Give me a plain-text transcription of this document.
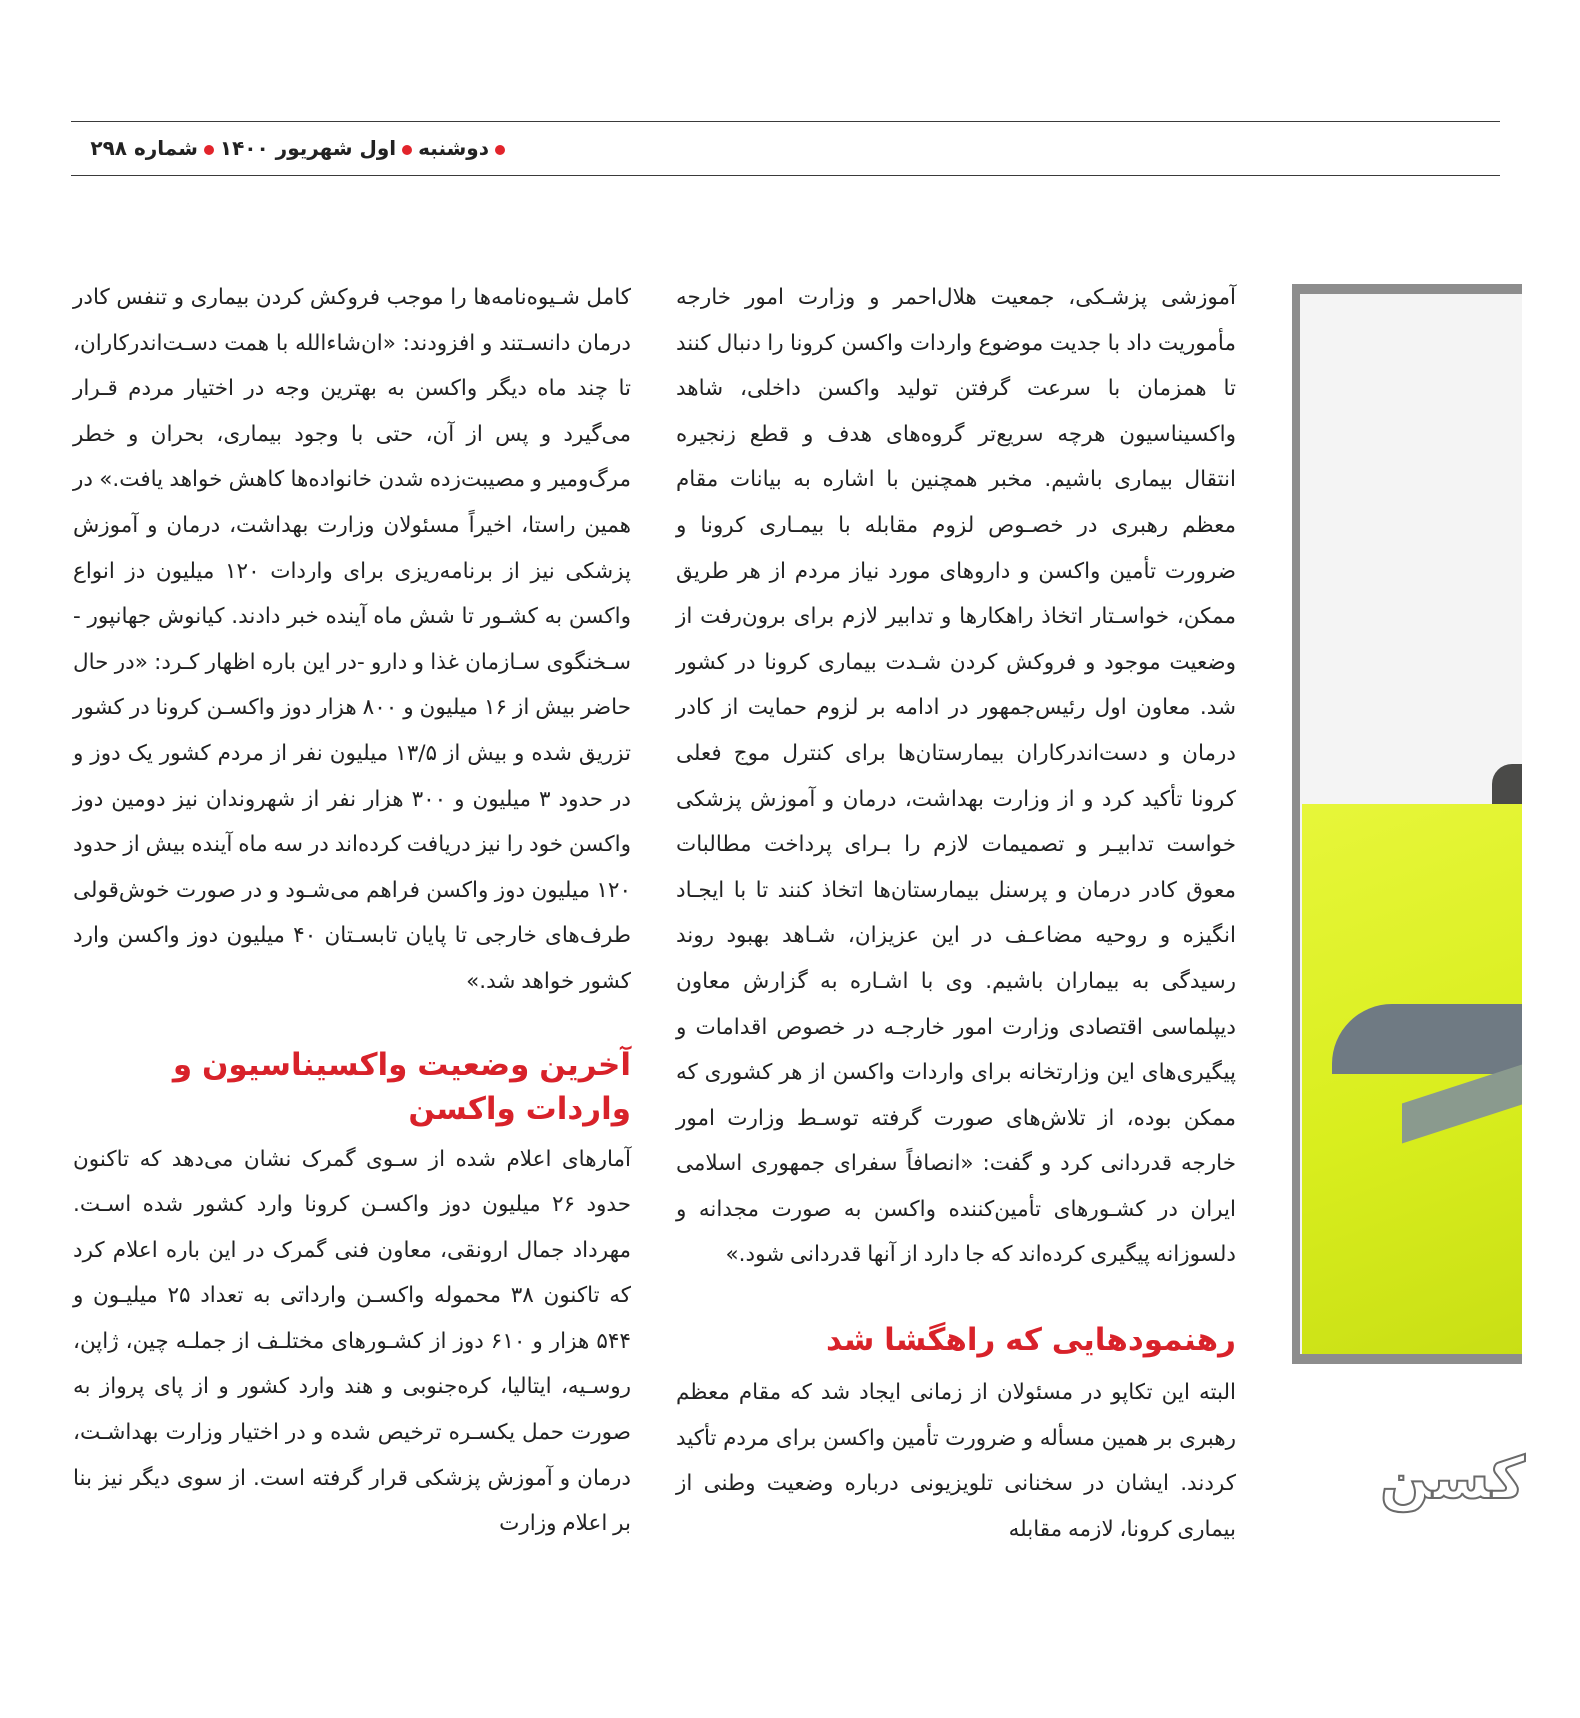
دوشنبهاول شهریور ۱۴۰۰شماره ۲۹۸

آموزشی پزشـکی، جمعیت هلال‌احمر و وزارت امور خارجه مأموریت داد با جدیت موضوع واردات واکسن کرونا را دنبال کنند تا همزمان با سرعت گرفتن تولید واکسن داخلی، شاهد واکسیناسیون هرچه سریع‌تر گروه‌های هدف و قطع زنجیره انتقال بیماری باشیم. مخبر همچنین با اشاره به بیانات مقام معظم رهبری در خصـوص لزوم مقابله با بیمـاری کرونا و ضرورت تأمین واکسن و داروهای مورد نیاز مردم از هر طریق ممکن، خواسـتار اتخاذ راهکارها و تدابیر لازم برای برون‌رفت از وضعیت موجود و فروکش کردن شـدت بیماری کرونا در کشور شد. معاون اول رئیس‌جمهور در ادامه بر لزوم حمایت از کادر درمان و دست‌اندرکاران بیمارستان‌ها برای کنترل موج فعلی کرونا تأکید کرد و از وزارت بهداشت، درمان و آموزش پزشکی خواست تدابیـر و تصمیمات لازم را بـرای پرداخت مطالبات معوق کادر درمان و پرسنل بیمارستان‌ها اتخاذ کنند تا با ایجـاد انگیزه و روحیه مضاعـف در این عزیزان، شـاهد بهبود روند رسیدگی به بیماران باشیم. وی با اشـاره به گزارش معاون دیپلماسی اقتصادی وزارت امور خارجـه در خصوص اقدامات و پیگیری‌های این وزارتخانه برای واردات واکسن از هر کشوری که ممکن بوده، از تلاش‌های صورت گرفته توسـط وزارت امور خارجه قدردانی کرد و گفت: «انصافاً سفرای جمهوری اسلامی ایران در کشـورهای تأمین‌کننده واکسن به صورت مجدانه و دلسوزانه پیگیری کرده‌اند که جا دارد از آنها قدردانی شود.»

رهنمودهایی که راهگشا شد

البته این تکاپو در مسئولان از زمانی ایجاد شد که مقام معظم رهبری بر همین مسأله و ضرورت تأمین واکسن برای مردم تأکید کردند. ایشان در سخنانی تلویزیونی درباره وضعیت وطنی از بیماری کرونا، لازمه مقابله

کامل شـیوه‌نامه‌ها را موجب فروکش کردن بیماری و تنفس کادر درمان دانسـتند و افزودند: «ان‌شاءالله با همت دسـت‌اندرکاران، تا چند ماه دیگر واکسن به بهترین وجه در اختیار مردم قـرار می‌گیرد و پس از آن، حتی با وجود بیماری، بحران و خطر مرگ‌ومیر و مصیبت‌زده شدن خانواده‌ها کاهش خواهد یافت.» در همین راستا، اخیراً مسئولان وزارت بهداشت، درمان و آموزش پزشکی نیز از برنامه‌ریزی برای واردات ۱۲۰ میلیون دز انواع واکسن به کشـور تا شش ماه آینده خبر دادند. کیانوش جهانپور - سـخنگوی سـازمان غذا و دارو -در این باره اظهار کـرد: «در حال حاضر بیش از ۱۶ میلیون و ۸۰۰ هزار دوز واکسـن کرونا در کشور تزریق شده و بیش از ۱۳/۵ میلیون نفر از مردم کشور یک دوز و در حدود ۳ میلیون و ۳۰۰ هزار نفر از شهروندان نیز دومین دوز واکسن خود را نیز دریافت کرده‌اند در سه ماه آینده بیش از حدود ۱۲۰ میلیون دوز واکسن فراهم می‌شـود و در صورت خوش‌قولی طرف‌های خارجی تا پایان تابسـتان ۴۰ میلیون دوز واکسن وارد کشور خواهد شد.»

آخرین وضعیت واکسیناسیون و واردات واکسن

آمارهای اعلام شده از سـوی گمرک نشان می‌دهد که تاکنون حدود ۲۶ میلیون دوز واکسـن کرونا وارد کشور شده اسـت. مهرداد جمال ارونقی، معاون فنی گمرک در این باره اعلام کرد که تاکنون ۳۸ محموله واکسـن وارداتی به تعداد ۲۵ میلیـون و ۵۴۴ هزار و ۶۱۰ دوز از کشـورهای مختلـف از جملـه چین، ژاپن، روسـیه، ایتالیا، کره‌جنوبی و هند وارد کشور و از پای پرواز به صورت حمل یکسـره ترخیص شده و در اختیار وزارت بهداشـت، درمان و آموزش پزشکی قرار گرفته است. از سوی دیگر نیز بنا بر اعلام وزارت

کسن
